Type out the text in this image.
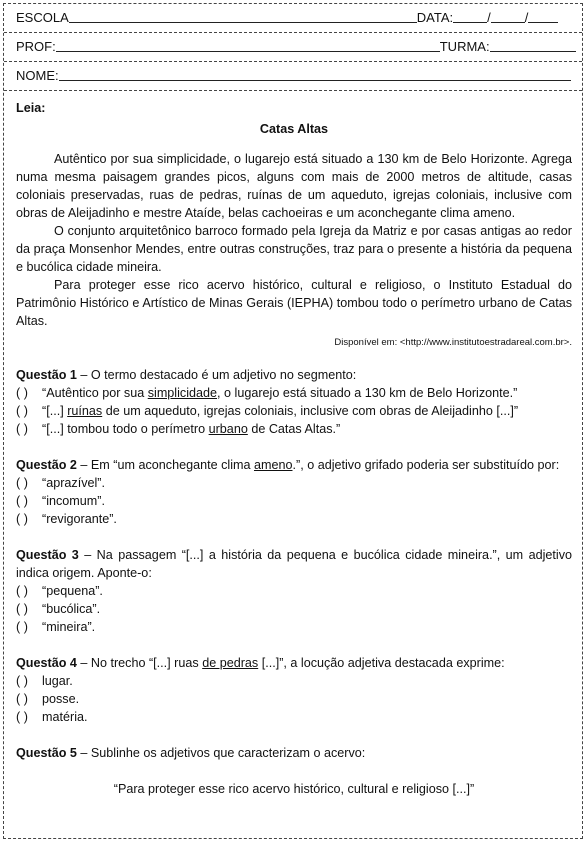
ESCOLA	DATA:	/	/
PROF:	TURMA:
NOME:
Leia:
Catas Altas

Autêntico por sua simplicidade, o lugarejo está situado a 130 km de Belo Horizonte. Agrega numa mesma paisagem grandes picos, alguns com mais de 2000 metros de altitude, casas coloniais preservadas, ruas de pedras, ruínas de um aqueduto, igrejas coloniais, inclusive com obras de Aleijadinho e mestre Ataíde, belas cachoeiras e um aconchegante clima ameno.

O conjunto arquitetônico barroco formado pela Igreja da Matriz e por casas antigas ao redor da praça Monsenhor Mendes, entre outras construções, traz para o presente a história da pequena e bucólica cidade mineira.

Para proteger esse rico acervo histórico, cultural e religioso, o Instituto Estadual do Patrimônio Histórico e Artístico de Minas Gerais (IEPHA) tombou todo o perímetro urbano de Catas Altas.

Disponível em: <http://www.institutoestradareal.com.br>.
Questão 1 – O termo destacado é um adjetivo no segmento:
( ) “Autêntico por sua simplicidade, o lugarejo está situado a 130 km de Belo Horizonte.”
( ) “[...] ruínas de um aqueduto, igrejas coloniais, inclusive com obras de Aleijadinho [...]”
( ) “[...] tombou todo o perímetro urbano de Catas Altas.”
Questão 2 – Em “um aconchegante clima ameno.”, o adjetivo grifado poderia ser substituído por:
( ) “aprazível”.
( ) “incomum”.
( ) “revigorante”.
Questão 3 – Na passagem “[...] a história da pequena e bucólica cidade mineira.”, um adjetivo indica origem. Aponte-o:
( ) “pequena”.
( ) “bucólica”.
( ) “mineira”.
Questão 4 – No trecho “[...] ruas de pedras [...]”, a locução adjetiva destacada exprime:
( ) lugar.
( ) posse.
( ) matéria.
Questão 5 – Sublinhe os adjetivos que caracterizam o acervo:
“Para proteger esse rico acervo histórico, cultural e religioso [...]”
